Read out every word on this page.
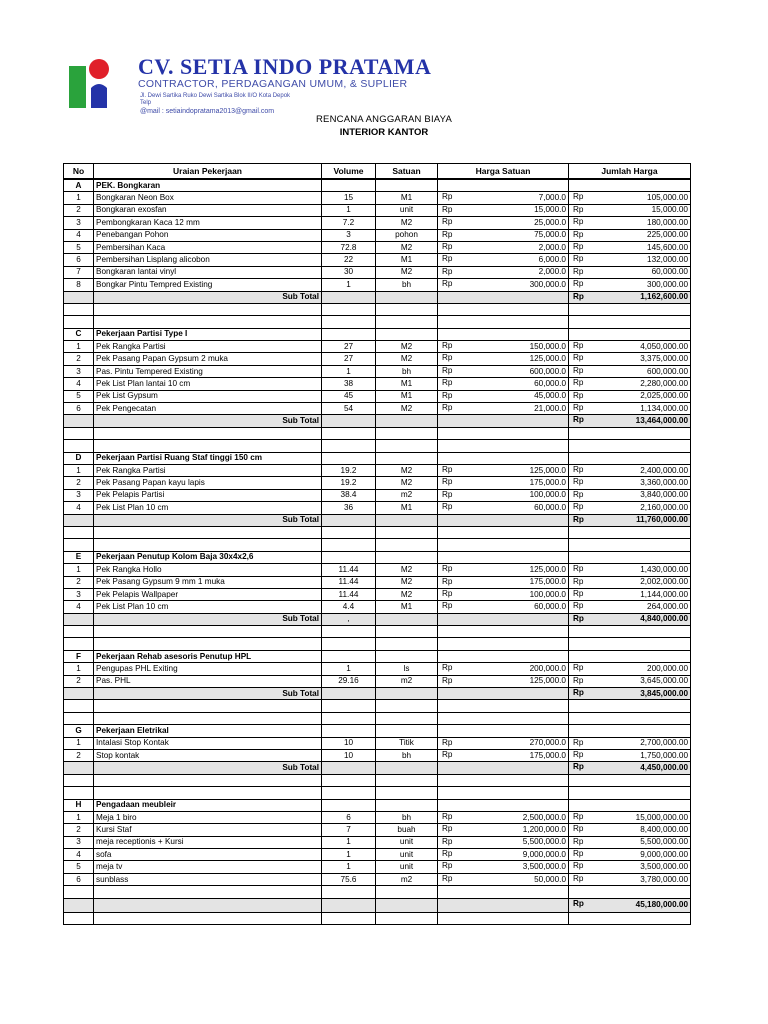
CV. SETIA INDO PRATAMA

CONTRACTOR, PERDAGANGAN UMUM, & SUPLIER

Jl. Dewi Sartika Ruko Dewi Sartika Blok II/O Kota Depok

Telp

@mail : setiaindopratama2013@gmail.com

RENCANA ANGGARAN BIAYA
INTERIOR KANTOR
No	Uraian Pekerjaan	Volume	Satuan	Harga Satuan	Jumlah Harga
A	PEK. Bongkaran				
1	Bongkaran Neon Box	15	M1	Rp 7,000.0	Rp 105,000.00
2	Bongkaran exosfan	1	unit	Rp 15,000.0	Rp 15,000.00
3	Pembongkaran Kaca 12 mm	7.2	M2	Rp 25,000.0	Rp 180,000.00
4	Penebangan Pohon	3	pohon	Rp 75,000.0	Rp 225,000.00
5	Pembersihan Kaca	72.8	M2	Rp 2,000.0	Rp 145,600.00
6	Pembersihan Lisplang alicobon	22	M1	Rp 6,000.0	Rp 132,000.00
7	Bongkaran lantai vinyl	30	M2	Rp 2,000.0	Rp 60,000.00
8	Bongkar Pintu Tempred Existing	1	bh	Rp 300,000.0	Rp 300,000.00
	Sub Total				Rp 1,162,600.00

C	Pekerjaan Partisi Type I				
1	Pek Rangka Partisi	27	M2	Rp 150,000.0	Rp 4,050,000.00
2	Pek Pasang Papan Gypsum 2 muka	27	M2	Rp 125,000.0	Rp 3,375,000.00
3	Pas. Pintu Tempered Existing	1	bh	Rp 600,000.0	Rp 600,000.00
4	Pek List Plan lantai 10 cm	38	M1	Rp 60,000.0	Rp 2,280,000.00
5	Pek List Gypsum	45	M1	Rp 45,000.0	Rp 2,025,000.00
6	Pek Pengecatan	54	M2	Rp 21,000.0	Rp 1,134,000.00
	Sub Total				Rp 13,464,000.00

D	Pekerjaan Partisi Ruang Staf tinggi 150 cm				
1	Pek Rangka Partisi	19.2	M2	Rp 125,000.0	Rp 2,400,000.00
2	Pek Pasang Papan kayu lapis	19.2	M2	Rp 175,000.0	Rp 3,360,000.00
3	Pek Pelapis Partisi	38.4	m2	Rp 100,000.0	Rp 3,840,000.00
4	Pek List Plan 10 cm	36	M1	Rp 60,000.0	Rp 2,160,000.00
	Sub Total				Rp 11,760,000.00

E	Pekerjaan Penutup Kolom Baja 30x4x2,6				
1	Pek Rangka Hollo	11.44	M2	Rp 125,000.0	Rp 1,430,000.00
2	Pek Pasang Gypsum 9 mm 1 muka	11.44	M2	Rp 175,000.0	Rp 2,002,000.00
3	Pek Pelapis Wallpaper	11.44	M2	Rp 100,000.0	Rp 1,144,000.00
4	Pek List Plan 10 cm	4.4	M1	Rp 60,000.0	Rp 264,000.00
	Sub Total	,			Rp 4,840,000.00

F	Pekerjaan Rehab asesoris Penutup HPL				
1	Pengupas PHL Exiting	1	ls	Rp 200,000.0	Rp 200,000.00
2	Pas. PHL	29.16	m2	Rp 125,000.0	Rp 3,645,000.00
	Sub Total				Rp 3,845,000.00

G	Pekerjaan Eletrikal				
1	Intalasi Stop Kontak	10	Titik	Rp 270,000.0	Rp 2,700,000.00
2	Stop kontak	10	bh	Rp 175,000.0	Rp 1,750,000.00
	Sub Total				Rp 4,450,000.00

H	Pengadaan meubleir				
1	Meja 1 biro	6	bh	Rp 2,500,000.0	Rp 15,000,000.00
2	Kursi Staf	7	buah	Rp 1,200,000.0	Rp 8,400,000.00
3	meja receptionis + Kursi	1	unit	Rp 5,500,000.0	Rp 5,500,000.00
4	sofa	1	unit	Rp 9,000,000.0	Rp 9,000,000.00
5	meja tv	1	unit	Rp 3,500,000.0	Rp 3,500,000.00
6	sunblass	75.6	m2	Rp 50,000.0	Rp 3,780,000.00

					Rp 45,180,000.00
